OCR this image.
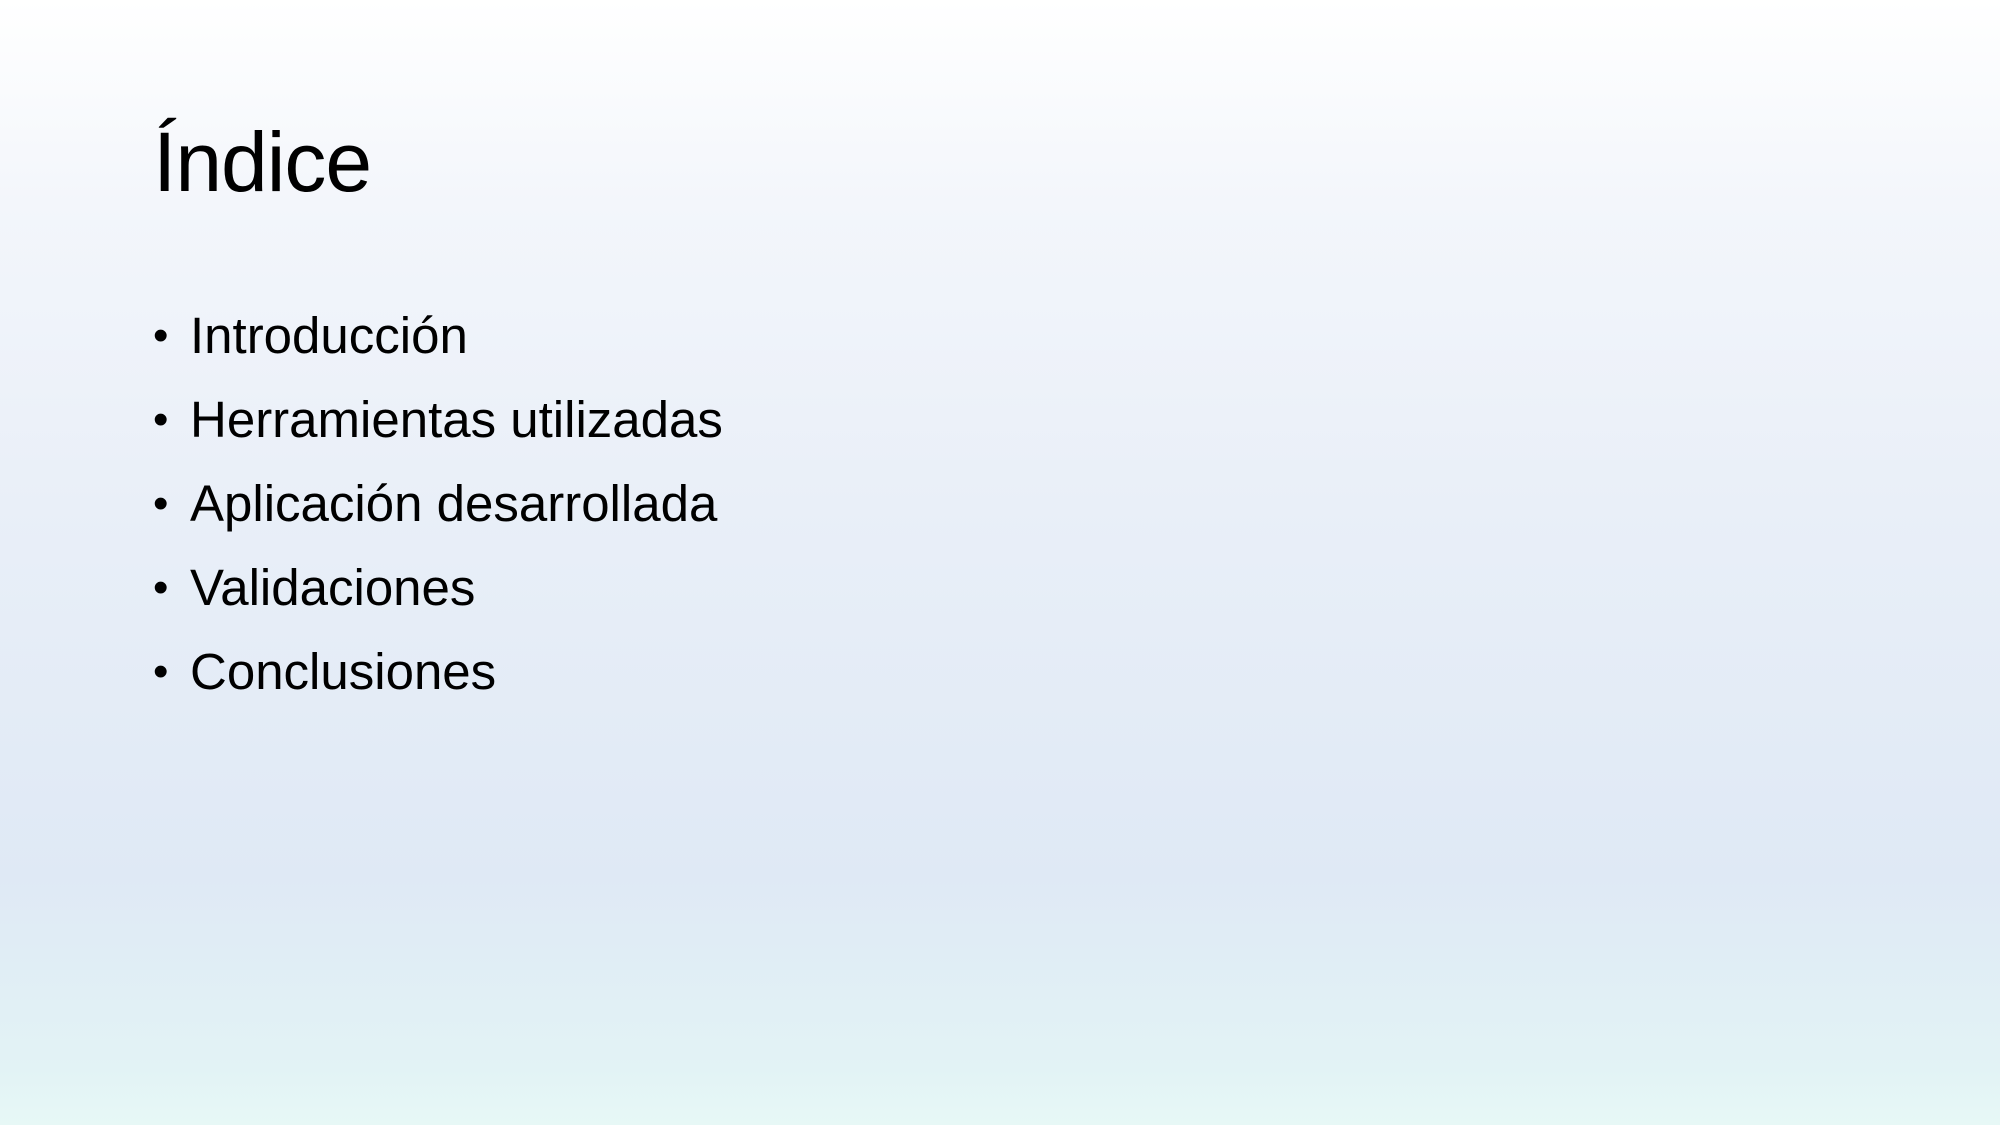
Índice
• Introducción
• Herramientas utilizadas
• Aplicación desarrollada
• Validaciones
• Conclusiones
